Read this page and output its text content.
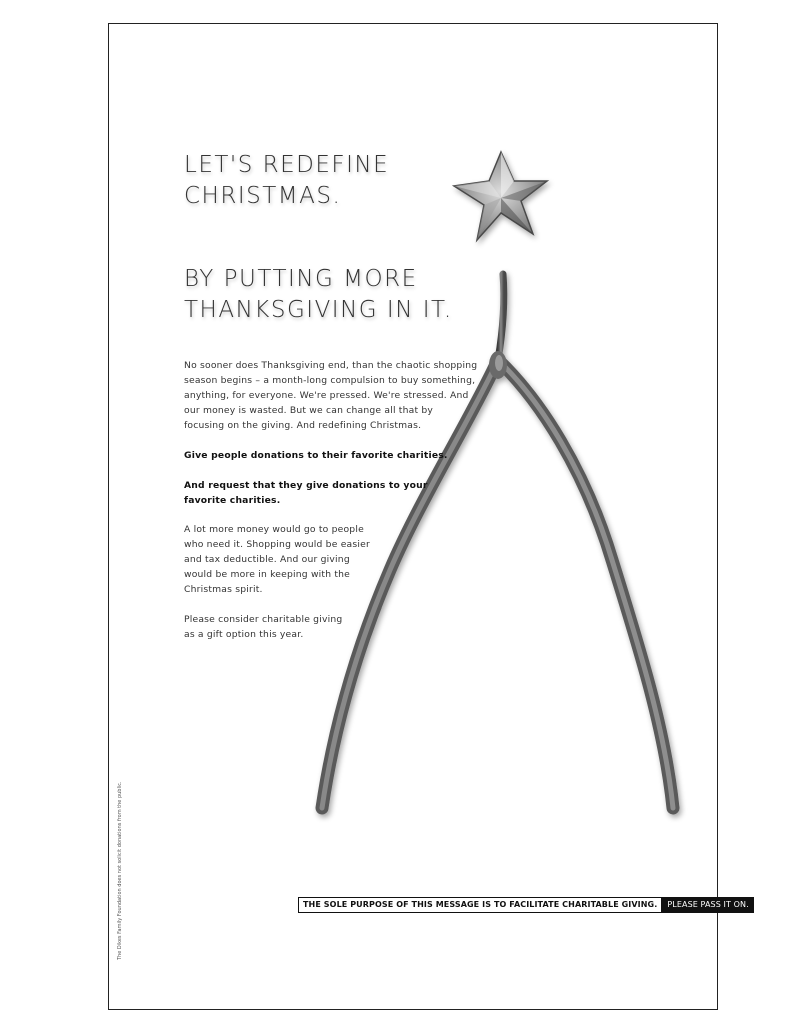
LET'S REDEFINE
CHRISTMAS.
BY PUTTING MORE
THANKSGIVING IN IT.

No sooner does Thanksgiving end, than the chaotic shopping
season begins – a month-long compulsion to buy something,
anything, for everyone. We're pressed. We're stressed. And
our money is wasted. But we can change all that by
focusing on the giving. And redefining Christmas.

Give people donations to their favorite charities.

And request that they give donations to your
favorite charities.

A lot more money would go to people
who need it. Shopping would be easier
and tax deductible. And our giving
would be more in keeping with the
Christmas spirit.

Please consider charitable giving
as a gift option this year.

THE SOLE PURPOSE OF THIS MESSAGE IS TO FACILITATE CHARITABLE GIVING.	PLEASE PASS IT ON.
The Dikes Family Foundation does not solicit donations from the public.
